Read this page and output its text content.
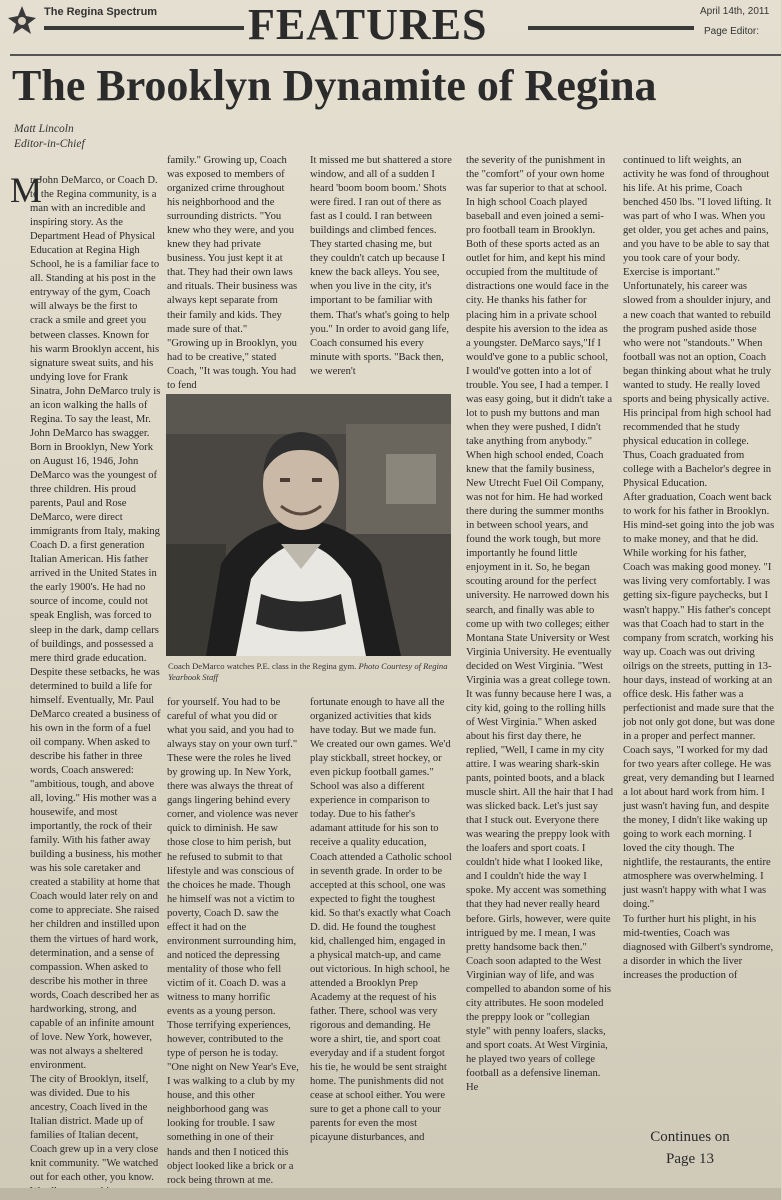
The Regina Spectrum FEATURES	April 14th, 2011
Page Editor:
The Brooklyn Dynamite of Regina
Matt Lincoln
Editor-in-Chief
M
r. John DeMarco, or Coach D. to the Regina community, is a man with an incredible and inspiring story. As the Department Head of Physical Education at Regina High School, he is a familiar face to all. Standing at his post in the entryway of the gym, Coach will always be the first to crack a smile and greet you between classes. Known for his warm Brooklyn accent, his signature sweat suits, and his undying love for Frank Sinatra, John DeMarco truly is an icon walking the halls of Regina. To say the least, Mr. John DeMarco has swagger.
Born in Brooklyn, New York on August 16, 1946, John DeMarco was the youngest of three children. His proud parents, Paul and Rose DeMarco, were direct immigrants from Italy, making Coach D. a first generation Italian American. His father arrived in the United States in the early 1900's. He had no source of income, could not speak English, was forced to sleep in the dark, damp cellars of buildings, and possessed a mere third grade education. Despite these setbacks, he was determined to build a life for himself. Eventually, Mr. Paul DeMarco created a business of his own in the form of a fuel oil company. When asked to describe his father in three words, Coach answered: "ambitious, tough, and above all, loving." His mother was a housewife, and most importantly, the rock of their family. With his father away building a business, his mother was his sole caretaker and created a stability at home that Coach would later rely on and come to appreciate. She raised her children and instilled upon them the virtues of hard work, determination, and a sense of compassion. When asked to describe his mother in three words, Coach described her as hardworking, strong, and capable of an infinite amount of love. New York, however, was not always a sheltered environment.
The city of Brooklyn, itself, was divided. Due to his ancestry, Coach lived in the Italian district. Made up of families of Italian decent, Coach grew up in a very close knit community. "We watched out for each other, you know.
family." Growing up, Coach was exposed to members of organized crime throughout his neighborhood and the surrounding districts. "You knew who they were, and you knew they had private business. You just kept it at that. They had their own laws and rituals. Their business was always kept separate from their family and kids. They made sure of that."
"Growing up in Brooklyn, you had to be creative," stated Coach, "It was tough. You had to fend
It missed me but shattered a store window, and all of a sudden I heard 'boom boom boom.' Shots were fired. I ran out of there as fast as I could. I ran between buildings and climbed fences. They started chasing me, but they couldn't catch up because I knew the back alleys. You see, when you live in the city, it's important to be familiar with them. That's what's going to help you." In order to avoid gang life, Coach consumed his every minute with sports. "Back then, we weren't
Coach DeMarco watches P.E. class in the Regina gym. Photo Courtesy of Regina Yearbook Staff
for yourself. You had to be careful of what you did or what you said, and you had to always stay on your own turf." These were the roles he lived by growing up. In New York, there was always the threat of gangs lingering behind every corner, and violence was never quick to diminish. He saw those close to him perish, but he refused to submit to that lifestyle and was conscious of the choices he made. Though he himself was not a victim to poverty, Coach D. saw the effect it had on the environment surrounding him, and noticed the depressing mentality of those who fell victim of it. Coach D. was a witness to many horrific events as a young person. Those terrifying experiences, however, contributed to the type of person he is today. "One night on New Year's Eve, I was walking to a club by my house, and this other neighborhood gang was looking for trouble. I saw something in one of their hands and then I noticed this object looked like a brick or a rock being thrown at me.
fortunate enough to have all the organized activities that kids have today. But we made fun. We created our own games. We'd play stickball, street hockey, or even pickup football games."
School was also a different experience in comparison to today. Due to his father's adamant attitude for his son to receive a quality education, Coach attended a Catholic school in seventh grade. In order to be accepted at this school, one was expected to fight the toughest kid. So that's exactly what Coach D. did. He found the toughest kid, challenged him, engaged in a physical match-up, and came out victorious. In high school, he attended a Brooklyn Prep Academy at the request of his father. There, school was very rigorous and demanding. He wore a shirt, tie, and sport coat everyday and if a student forgot his tie, he would be sent straight home. The punishments did not cease at school either. You were sure to get a phone call to your parents for even the most picayune disturbances, and
the severity of the punishment in the "comfort" of your own home was far superior to that at school. In high school Coach played baseball and even joined a semi-pro football team in Brooklyn. Both of these sports acted as an outlet for him, and kept his mind occupied from the multitude of distractions one would face in the city. He thanks his father for placing him in a private school despite his aversion to the idea as a youngster. DeMarco says,"If I would've gone to a public school, I would've gotten into a lot of trouble. You see, I had a temper. I was easy going, but it didn't take a lot to push my buttons and man when they were pushed, I didn't take anything from anybody."
When high school ended, Coach knew that the family business, New Utrecht Fuel Oil Company, was not for him. He had worked there during the summer months in between school years, and found the work tough, but more importantly he found little enjoyment in it. So, he began scouting around for the perfect university. He narrowed down his search, and finally was able to come up with two colleges; either Montana State University or West Virginia University. He eventually decided on West Virginia. "West Virginia was a great college town. It was funny because here I was, a city kid, going to the rolling hills of West Virginia." When asked about his first day there, he replied, "Well, I came in my city attire. I was wearing shark-skin pants, pointed boots, and a black muscle shirt. All the hair that I had was slicked back. Let's just say that I stuck out. Everyone there was wearing the preppy look with the loafers and sport coats. I couldn't hide what I looked like, and I couldn't hide the way I spoke. My accent was something that they had never really heard before. Girls, however, were quite intrigued by me. I mean, I was pretty handsome back then." Coach soon adapted to the West Virginian way of life, and was compelled to abandon some of his city attributes. He soon modeled the preppy look or "collegian style" with penny loafers, slacks, and sport coats. At West Virginia, he played two years of college football as a defensive lineman. He
continued to lift weights, an activity he was fond of throughout his life. At his prime, Coach benched 450 lbs. "I loved lifting. It was part of who I was. When you get older, you get aches and pains, and you have to be able to say that you took care of your body. Exercise is important." Unfortunately, his career was slowed from a shoulder injury, and a new coach that wanted to rebuild the program pushed aside those who were not "standouts." When football was not an option, Coach began thinking about what he truly wanted to study. He really loved sports and being physically active. His principal from high school had recommended that he study physical education in college. Thus, Coach graduated from college with a Bachelor's degree in Physical Education.
After graduation, Coach went back to work for his father in Brooklyn. His mind-set going into the job was to make money, and that he did. While working for his father, Coach was making good money. "I was living very comfortably. I was getting six-figure paychecks, but I wasn't happy." His father's concept was that Coach had to start in the company from scratch, working his way up. Coach was out driving oilrigs on the streets, putting in 13-hour days, instead of working at an office desk. His father was a perfectionist and made sure that the job not only got done, but was done in a proper and perfect manner. Coach says, "I worked for my dad for two years after college. He was great, very demanding but I learned a lot about hard work from him. I just wasn't having fun, and despite the money, I didn't like waking up going to work each morning. I loved the city though. The nightlife, the restaurants, the entire atmosphere was overwhelming. I just wasn't happy with what I was doing."
To further hurt his plight, in his mid-twenties, Coach was diagnosed with Gilbert's syndrome, a disorder in which the liver increases the production of
Continues on
Page 13
